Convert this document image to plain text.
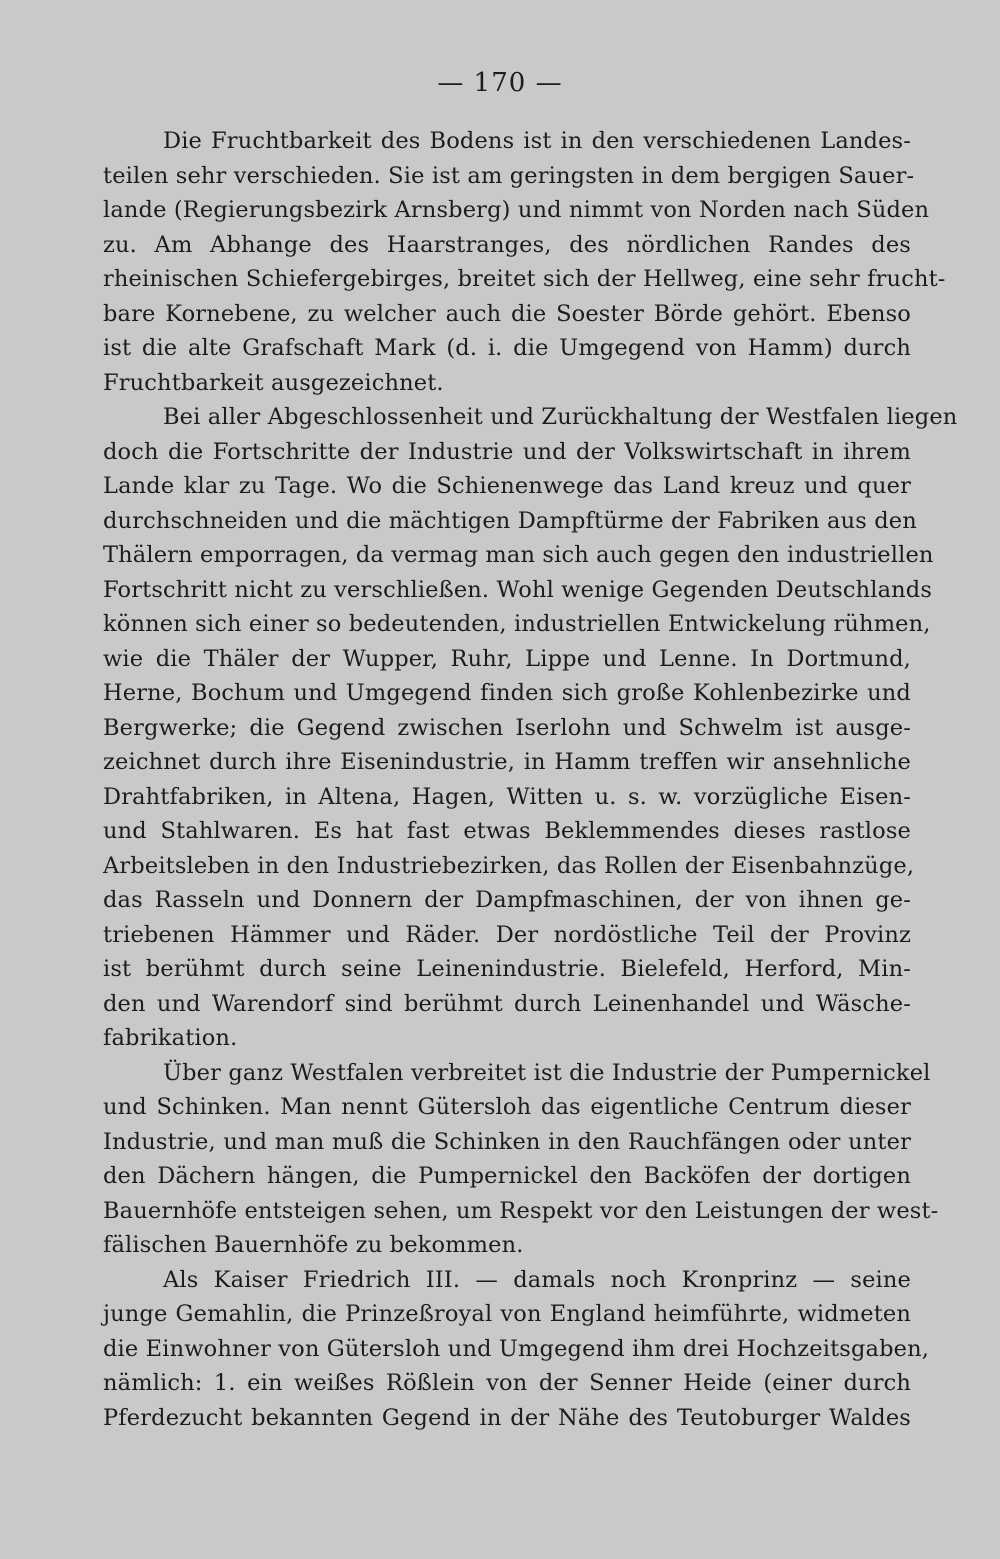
— 170 —
Die Fruchtbarkeit des Bodens ist in den verschiedenen Landes-
teilen sehr verschieden. Sie ist am geringsten in dem bergigen Sauer-
lande (Regierungsbezirk Arnsberg) und nimmt von Norden nach Süden
zu. Am Abhange des Haarstranges, des nördlichen Randes des
rheinischen Schiefergebirges, breitet sich der Hellweg, eine sehr frucht-
bare Kornebene, zu welcher auch die Soester Börde gehört. Ebenso
ist die alte Grafschaft Mark (d. i. die Umgegend von Hamm) durch
Fruchtbarkeit ausgezeichnet.
Bei aller Abgeschlossenheit und Zurückhaltung der Westfalen liegen
doch die Fortschritte der Industrie und der Volkswirtschaft in ihrem
Lande klar zu Tage. Wo die Schienenwege das Land kreuz und quer
durchschneiden und die mächtigen Dampftürme der Fabriken aus den
Thälern emporragen, da vermag man sich auch gegen den industriellen
Fortschritt nicht zu verschließen. Wohl wenige Gegenden Deutschlands
können sich einer so bedeutenden, industriellen Entwickelung rühmen,
wie die Thäler der Wupper, Ruhr, Lippe und Lenne. In Dortmund,
Herne, Bochum und Umgegend finden sich große Kohlenbezirke und
Bergwerke; die Gegend zwischen Iserlohn und Schwelm ist ausge-
zeichnet durch ihre Eisenindustrie, in Hamm treffen wir ansehnliche
Drahtfabriken, in Altena, Hagen, Witten u. s. w. vorzügliche Eisen-
und Stahlwaren. Es hat fast etwas Beklemmendes dieses rastlose
Arbeitsleben in den Industriebezirken, das Rollen der Eisenbahnzüge,
das Rasseln und Donnern der Dampfmaschinen, der von ihnen ge-
triebenen Hämmer und Räder. Der nordöstliche Teil der Provinz
ist berühmt durch seine Leinenindustrie. Bielefeld, Herford, Min-
den und Warendorf sind berühmt durch Leinenhandel und Wäsche-
fabrikation.
Über ganz Westfalen verbreitet ist die Industrie der Pumpernickel
und Schinken. Man nennt Gütersloh das eigentliche Centrum dieser
Industrie, und man muß die Schinken in den Rauchfängen oder unter
den Dächern hängen, die Pumpernickel den Backöfen der dortigen
Bauernhöfe entsteigen sehen, um Respekt vor den Leistungen der west-
fälischen Bauernhöfe zu bekommen.
Als Kaiser Friedrich III. — damals noch Kronprinz — seine
junge Gemahlin, die Prinzeßroyal von England heimführte, widmeten
die Einwohner von Gütersloh und Umgegend ihm drei Hochzeitsgaben,
nämlich: 1. ein weißes Rößlein von der Senner Heide (einer durch
Pferdezucht bekannten Gegend in der Nähe des Teutoburger Waldes
